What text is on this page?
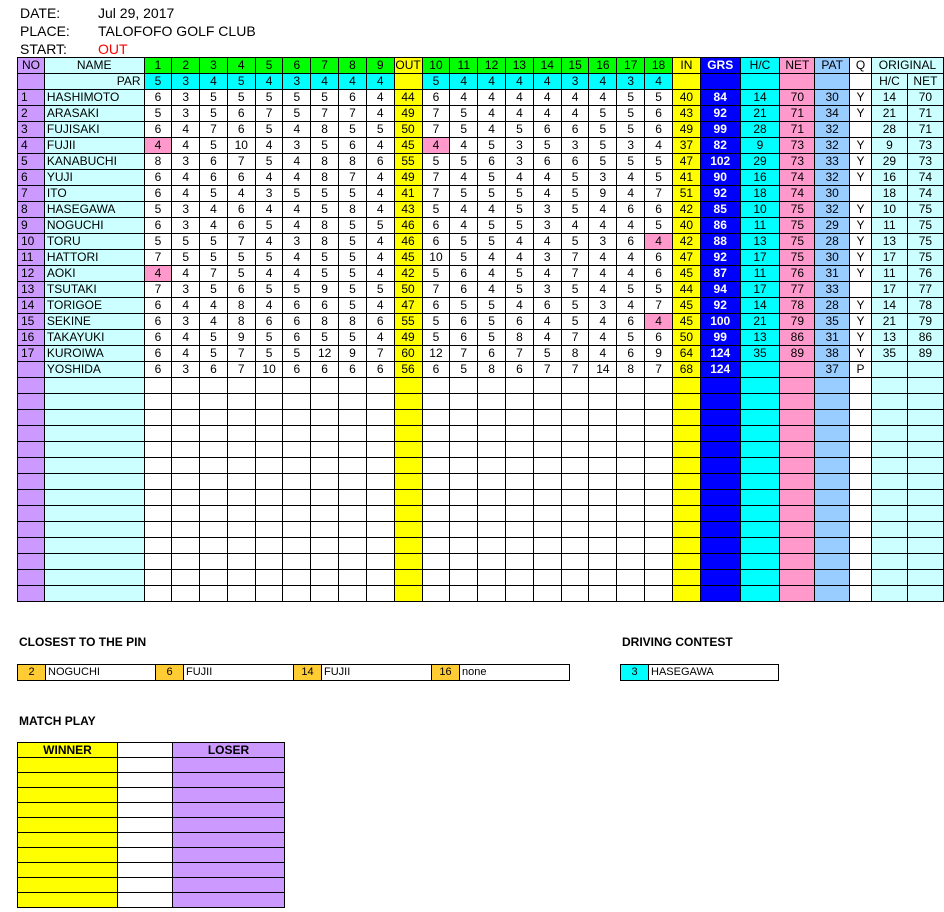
DATE:	Jul 29, 2017
PLACE: TALOFOFO GOLF CLUB
START: OUT
NO	NAME	1	2	3	4	5	6	7	8	9	OUT	10	11	12	13	14	15	16	17	18	IN	GRS	H/C	NET	PAT	Q	ORIGINAL	
	PAR	5	3	4	5	4	3	4	4	4		5	4	4	4	4	3	4	3	4							H/C	NET
1	HASHIMOTO	6	3	5	5	5	5	5	6	4	44	6	4	4	4	4	4	4	5	5	40	84	14	70	30	Y	14	70
2	ARASAKI	5	3	5	6	7	5	7	7	4	49	7	5	4	4	4	4	5	5	6	43	92	21	71	34	Y	21	71
3	FUJISAKI	6	4	7	6	5	4	8	5	5	50	7	5	4	5	6	6	5	5	6	49	99	28	71	32		28	71
4	FUJII	4	4	5	10	4	3	5	6	4	45	4	4	5	3	5	3	5	3	4	37	82	9	73	32	Y	9	73
5	KANABUCHI	8	3	6	7	5	4	8	8	6	55	5	5	6	3	6	6	5	5	5	47	102	29	73	33	Y	29	73
6	YUJI	6	4	6	6	4	4	8	7	4	49	7	4	5	4	4	5	3	4	5	41	90	16	74	32	Y	16	74
7	ITO	6	4	5	4	3	5	5	5	4	41	7	5	5	5	4	5	9	4	7	51	92	18	74	30		18	74
8	HASEGAWA	5	3	4	6	4	4	5	8	4	43	5	4	4	5	3	5	4	6	6	42	85	10	75	32	Y	10	75
9	NOGUCHI	6	3	4	6	5	4	8	5	5	46	6	4	5	5	3	4	4	4	5	40	86	11	75	29	Y	11	75
10	TORU	5	5	5	7	4	3	8	5	4	46	6	5	5	4	4	5	3	6	4	42	88	13	75	28	Y	13	75
11	HATTORI	7	5	5	5	5	4	5	5	4	45	10	5	4	4	3	7	4	4	6	47	92	17	75	30	Y	17	75
12	AOKI	4	4	7	5	4	4	5	5	4	42	5	6	4	5	4	7	4	4	6	45	87	11	76	31	Y	11	76
13	TSUTAKI	7	3	5	6	5	5	9	5	5	50	7	6	4	5	3	5	4	5	5	44	94	17	77	33		17	77
14	TORIGOE	6	4	4	8	4	6	6	5	4	47	6	5	5	4	6	5	3	4	7	45	92	14	78	28	Y	14	78
15	SEKINE	6	3	4	8	6	6	8	8	6	55	5	6	5	6	4	5	4	6	4	45	100	21	79	35	Y	21	79
16	TAKAYUKI	6	4	5	9	5	6	5	5	4	49	5	6	5	8	4	7	4	5	6	50	99	13	86	31	Y	13	86
17	KUROIWA	6	4	5	7	5	5	12	9	7	60	12	7	6	7	5	8	4	6	9	64	124	35	89	38	Y	35	89
	YOSHIDA	6	3	6	7	10	6	6	6	6	56	6	5	8	6	7	7	14	8	7	68	124			37	P		

CLOSEST TO THE PIN
2	NOGUCHI	6	FUJII	14	FUJII	16	none
DRIVING CONTEST
3	HASEGAWA
MATCH PLAY
WINNER		LOSER
